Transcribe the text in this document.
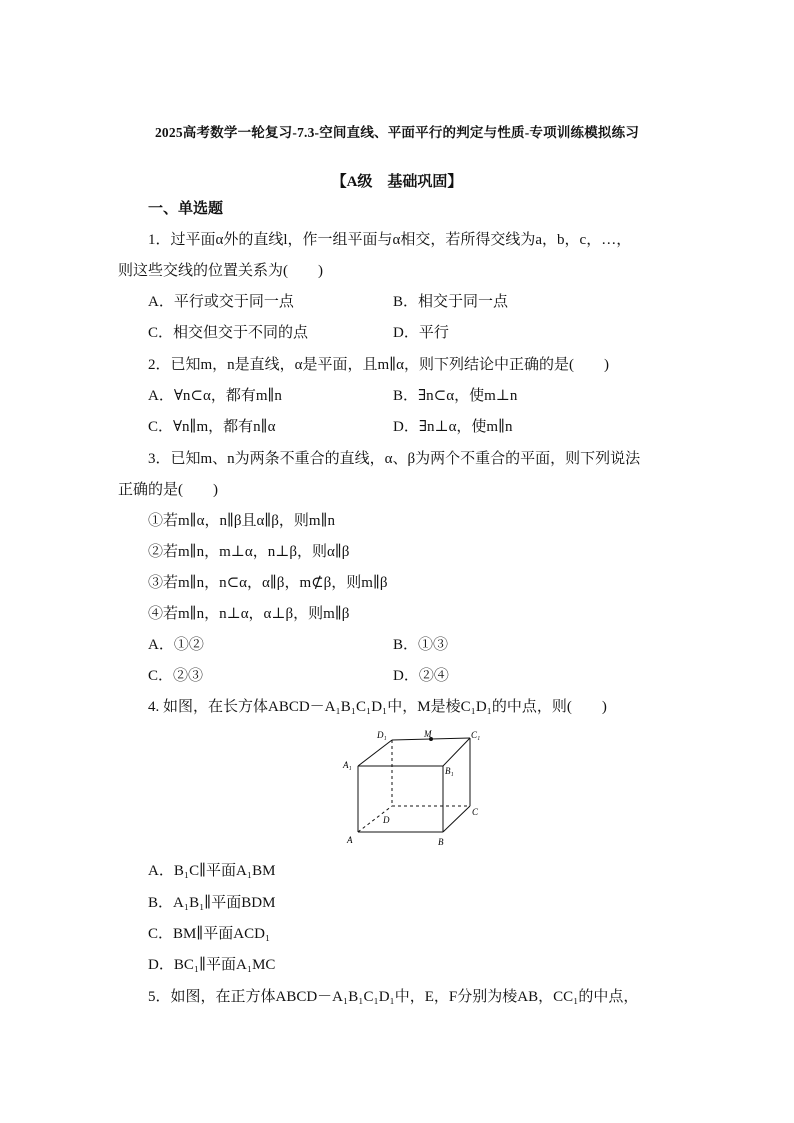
2025高考数学一轮复习-7.3-空间直线、平面平行的判定与性质-专项训练模拟练习
【A级　基础巩固】
一、单选题
1．过平面α外的直线l，作一组平面与α相交，若所得交线为a，b，c，…，
则这些交线的位置关系为(　　)
A．平行或交于同一点	B．相交于同一点
C．相交但交于不同的点	D．平行
2．已知m，n是直线，α是平面，且m∥α，则下列结论中正确的是(　　)
A．∀n⊂α，都有m∥n	B．∃n⊂α，使m⊥n
C．∀n∥m，都有n∥α	D．∃n⊥α，使m∥n
3．已知m、n为两条不重合的直线，α、β为两个不重合的平面，则下列说法
正确的是(　　)
①若m∥α，n∥β且α∥β，则m∥n
②若m∥n，m⊥α，n⊥β，则α∥β
③若m∥n，n⊂α，α∥β，m⊄β，则m∥β
④若m∥n，n⊥α，α⊥β，则m∥β
A．①②	B．①③
C．②③	D．②④
4. 如图，在长方体ABCD－A₁B₁C₁D₁中，M是棱C₁D₁的中点，则(　　)
D₁	M	C₁
A₁
B₁
D
C
A	B
A．B₁C∥平面A₁BM
B．A₁B₁∥平面BDM
C．BM∥平面ACD₁
D．BC₁∥平面A₁MC
5．如图，在正方体ABCD－A₁B₁C₁D₁中，E，F分别为棱AB，CC₁的中点，
